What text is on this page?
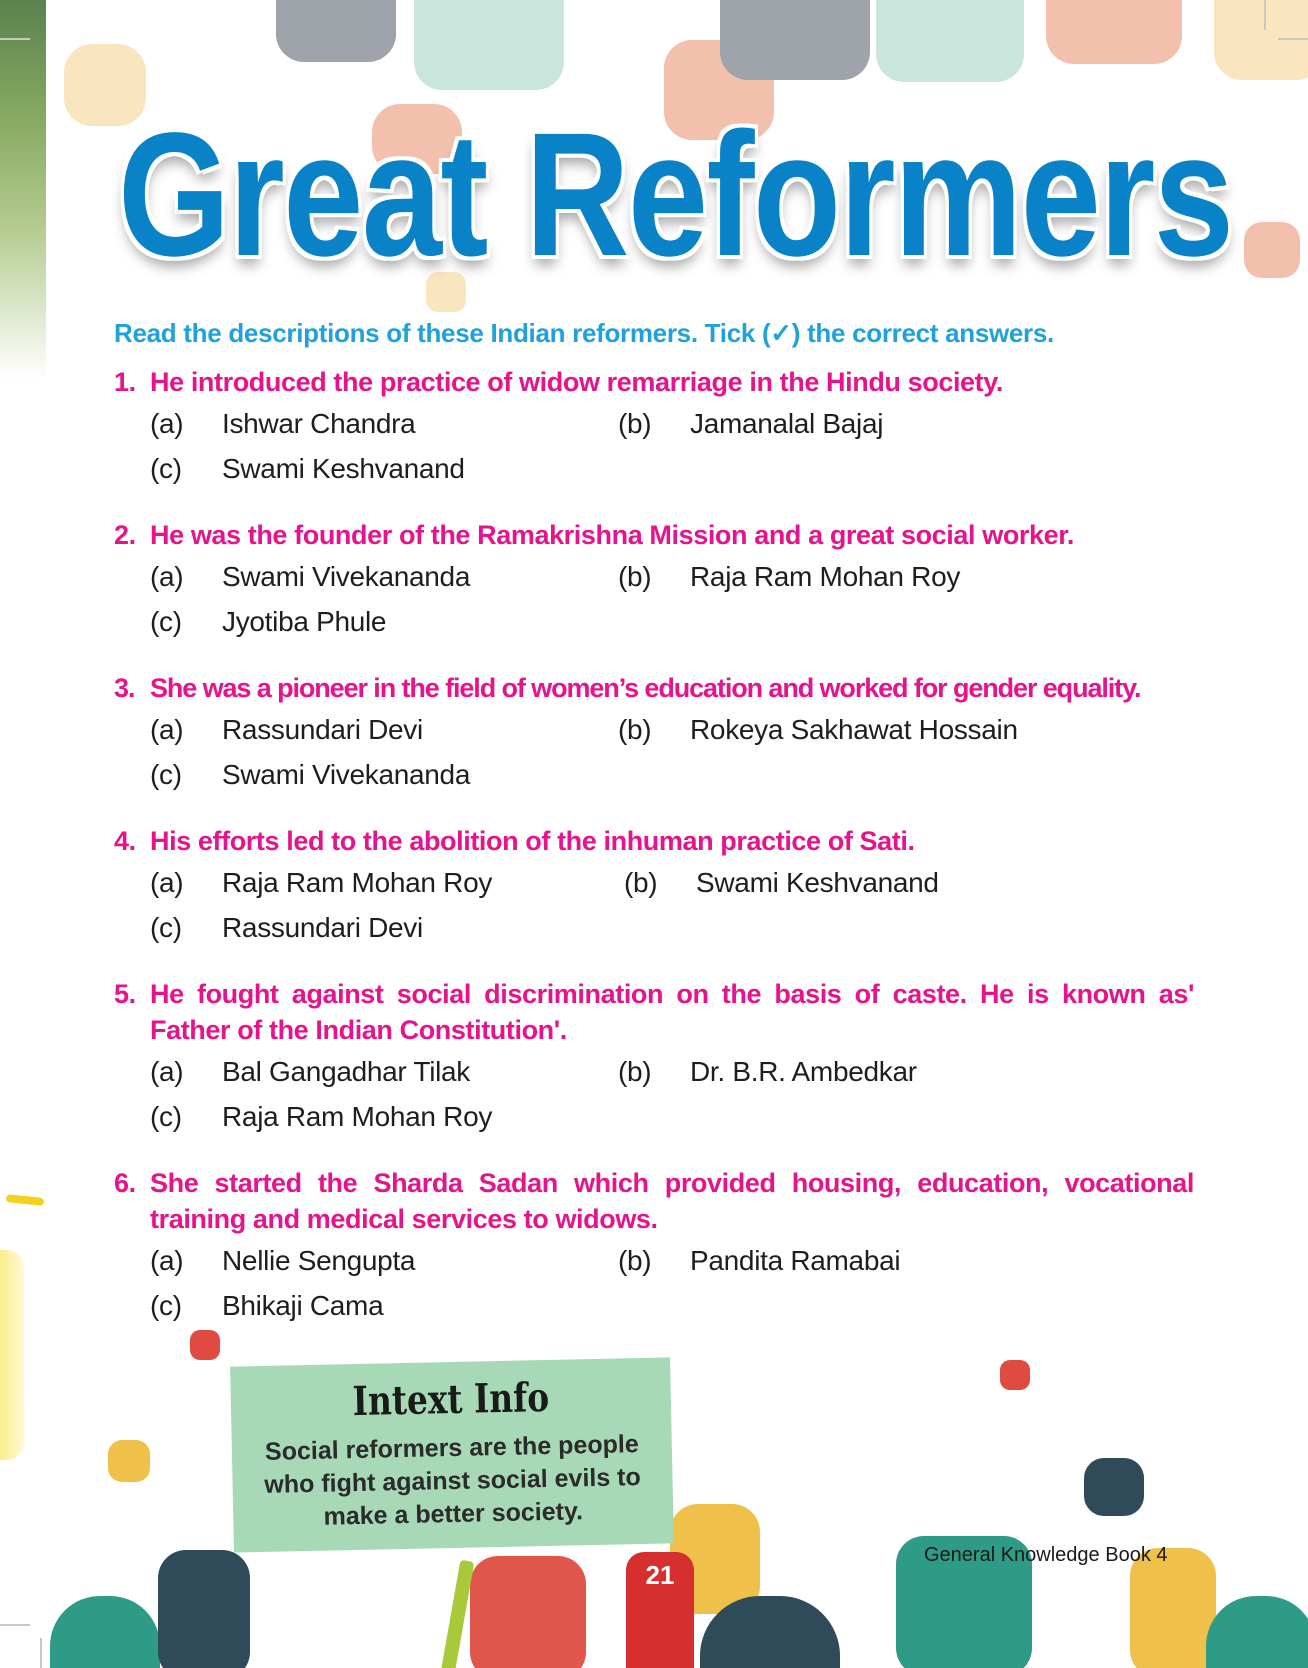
Great Reformers
Read the descriptions of these Indian reformers. Tick (✓) the correct answers.
1. He introduced the practice of widow remarriage in the Hindu society.
(a) Ishwar Chandra	(b) Jamanalal Bajaj
(c) Swami Keshvanand
2. He was the founder of the Ramakrishna Mission and a great social worker.
(a) Swami Vivekananda	(b) Raja Ram Mohan Roy
(c) Jyotiba Phule
3. She was a pioneer in the field of women’s education and worked for gender equality.
(a) Rassundari Devi	(b) Rokeya Sakhawat Hossain
(c) Swami Vivekananda
4. His efforts led to the abolition of the inhuman practice of Sati.
(a) Raja Ram Mohan Roy	(b) Swami Keshvanand
(c) Rassundari Devi
5. He fought against social discrimination on the basis of caste. He is known as' Father of the Indian Constitution'.
(a) Bal Gangadhar Tilak	(b) Dr. B.R. Ambedkar
(c) Raja Ram Mohan Roy
6. She started the Sharda Sadan which provided housing, education, vocational training and medical services to widows.
(a) Nellie Sengupta	(b) Pandita Ramabai
(c) Bhikaji Cama
Intext Info
Social reformers are the people who fight against social evils to make a better society.
21
General Knowledge Book 4
